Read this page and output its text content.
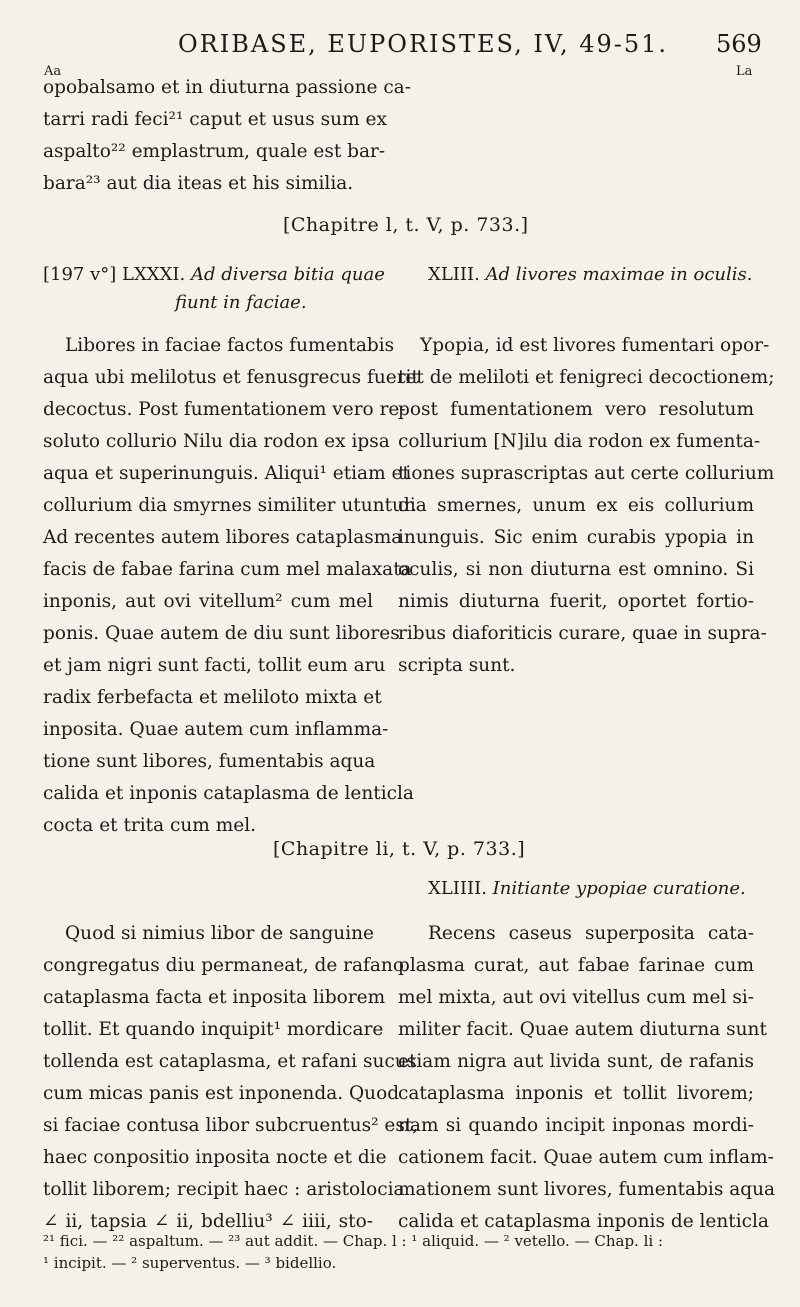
ORIBASE, EUPORISTES, IV, 49-51. 569
Aa	La
opobalsamo et in diuturna passione ca-
tarri radi feci²¹ caput et usus sum ex
aspalto²² emplastrum, quale est bar-
bara²³ aut dia iteas et his similia.
[Chapitre l, t. V, p. 733.]
[197 v°] LXXXI. Ad diversa bitia quae
fiunt in faciae.
XLIII. Ad livores maximae in oculis.
Libores in faciae factos fumentabis
aqua ubi melilotus et fenusgrecus fuerit
decoctus. Post fumentationem vero re-
soluto collurio Nilu dia rodon ex ipsa
aqua et superinunguis. Aliqui¹ etiam et
collurium dia smyrnes similiter utuntur.
Ad recentes autem libores cataplasma
facis de fabae farina cum mel malaxata
inponis, aut ovi vitellum² cum mel
ponis. Quae autem de diu sunt libores
et jam nigri sunt facti, tollit eum aru
radix ferbefacta et meliloto mixta et
inposita. Quae autem cum inflamma-
tione sunt libores, fumentabis aqua
calida et inponis cataplasma de lenticla
cocta et trita cum mel.
Ypopia, id est livores fumentari opor-
tet de meliloti et fenigreci decoctionem;
post fumentationem vero resolutum
collurium [N]ilu dia rodon ex fumenta-
tiones suprascriptas aut certe collurium
dia smernes, unum ex eis collurium
inunguis. Sic enim curabis ypopia in
oculis, si non diuturna est omnino. Si
nimis diuturna fuerit, oportet fortio-
ribus diaforiticis curare, quae in supra-
scripta sunt.
[Chapitre li, t. V, p. 733.]
XLIIII. Initiante ypopiae curatione.
Quod si nimius libor de sanguine
congregatus diu permaneat, de rafano
cataplasma facta et inposita liborem
tollit. Et quando inquipit¹ mordicare
tollenda est cataplasma, et rafani sucus
cum micas panis est inponenda. Quod
si faciae contusa libor subcruentus² est,
haec conpositio inposita nocte et die
tollit liborem; recipit haec : aristolocia
∠ ii, tapsia ∠ ii, bdelliu³ ∠ iiii, sto-
Recens caseus superposita cata-
plasma curat, aut fabae farinae cum
mel mixta, aut ovi vitellus cum mel si-
militer facit. Quae autem diuturna sunt
etiam nigra aut livida sunt, de rafanis
cataplasma inponis et tollit livorem;
nam si quando incipit inponas mordi-
cationem facit. Quae autem cum inflam-
mationem sunt livores, fumentabis aqua
calida et cataplasma inponis de lenticla
²¹ fici. — ²² aspaltum. — ²³ aut addit. — Chap. l : ¹ aliquid. — ² vetello. — Chap. li :
¹ incipit. — ² superventus. — ³ bidellio.
